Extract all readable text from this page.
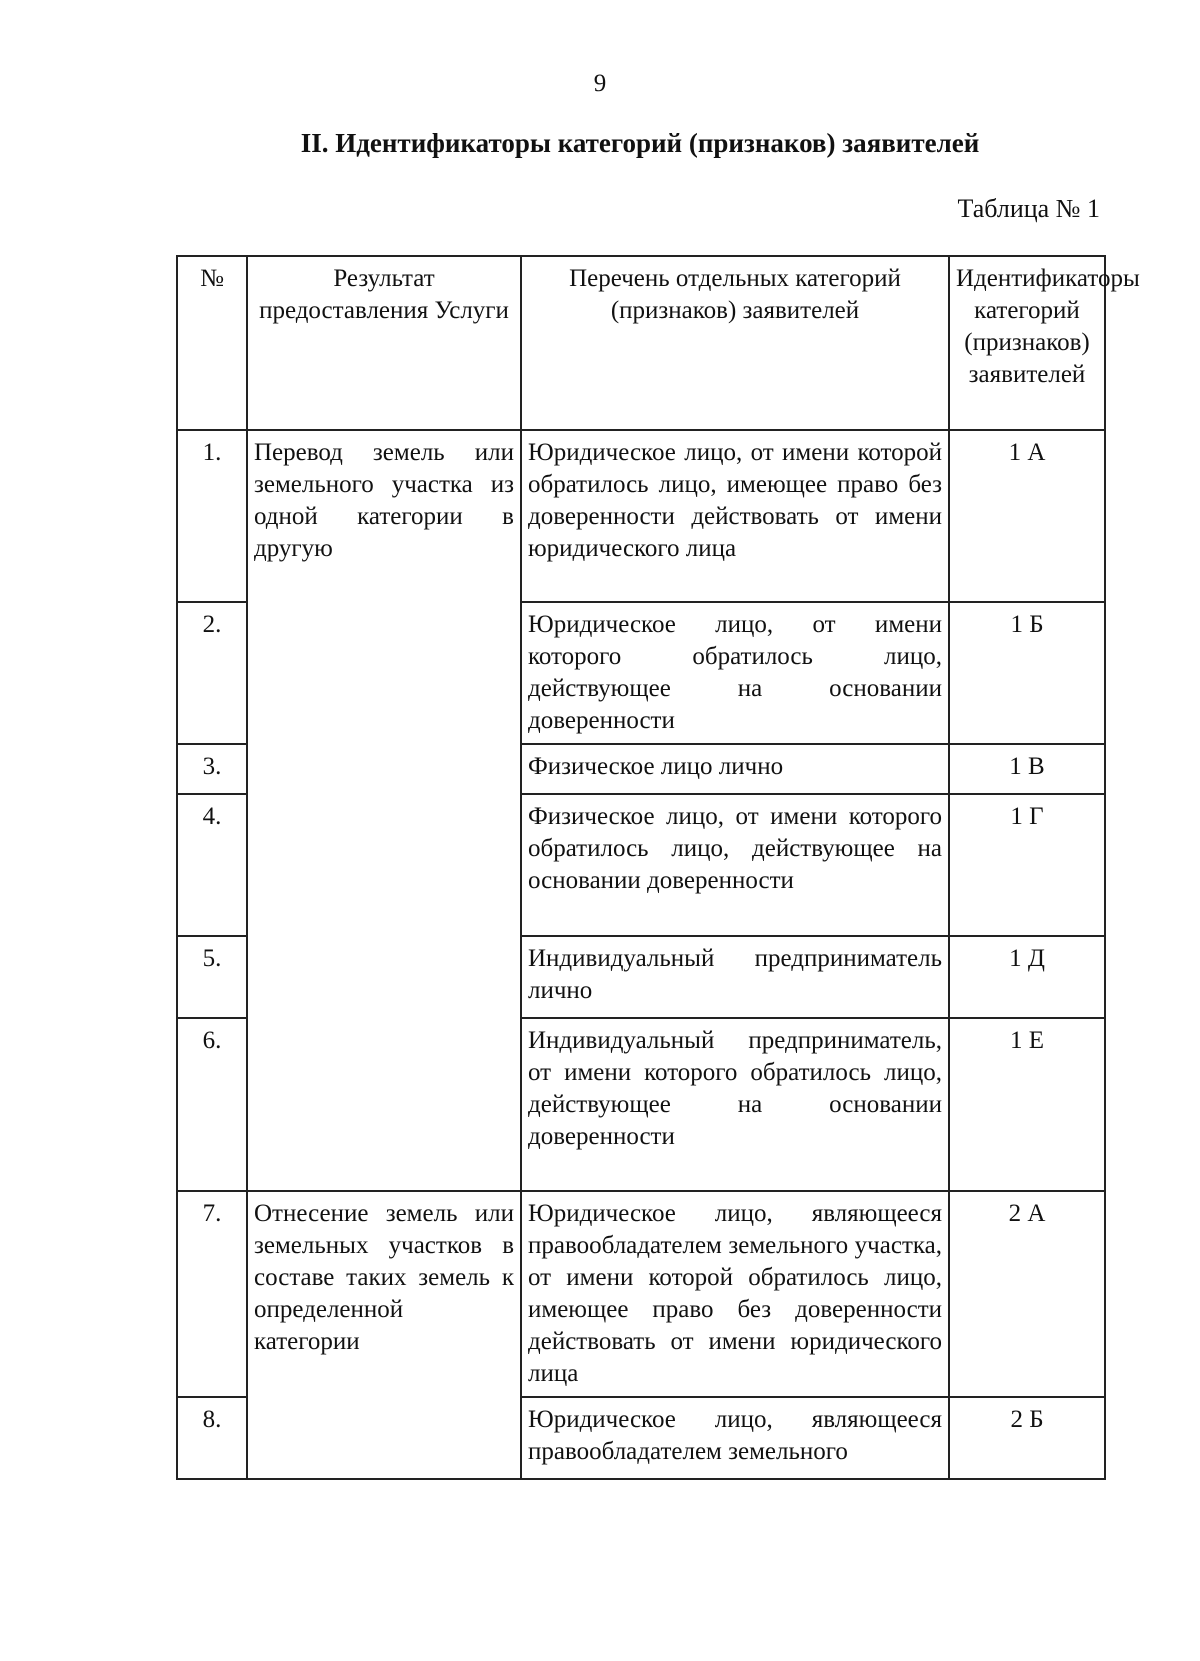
9
II. Идентификаторы категорий (признаков) заявителей
Таблица № 1
№	Результат предоставления Услуги	Перечень отдельных категорий (признаков) заявителей	Идентификаторы категорий (признаков) заявителей
1.	Перевод земель или земельного участка из одной категории в другую	Юридическое лицо, от имени которой обратилось лицо, имеющее право без доверенности действовать от имени юридического лица	1 А
2.		Юридическое лицо, от имени которого обратилось лицо, действующее на основании доверенности	1 Б
3.		Физическое лицо лично	1 В
4.		Физическое лицо, от имени которого обратилось лицо, действующее на основании доверенности	1 Г
5.		Индивидуальный предприниматель лично	1 Д
6.		Индивидуальный предприниматель, от имени которого обратилось лицо, действующее на основании доверенности	1 Е
7.	Отнесение земель или земельных участков в составе таких земель к определенной категории	Юридическое лицо, являющееся правообладателем земельного участка, от имени которой обратилось лицо, имеющее право без доверенности действовать от имени юридического лица	2 А
8.		Юридическое лицо, являющееся правообладателем земельного	2 Б
